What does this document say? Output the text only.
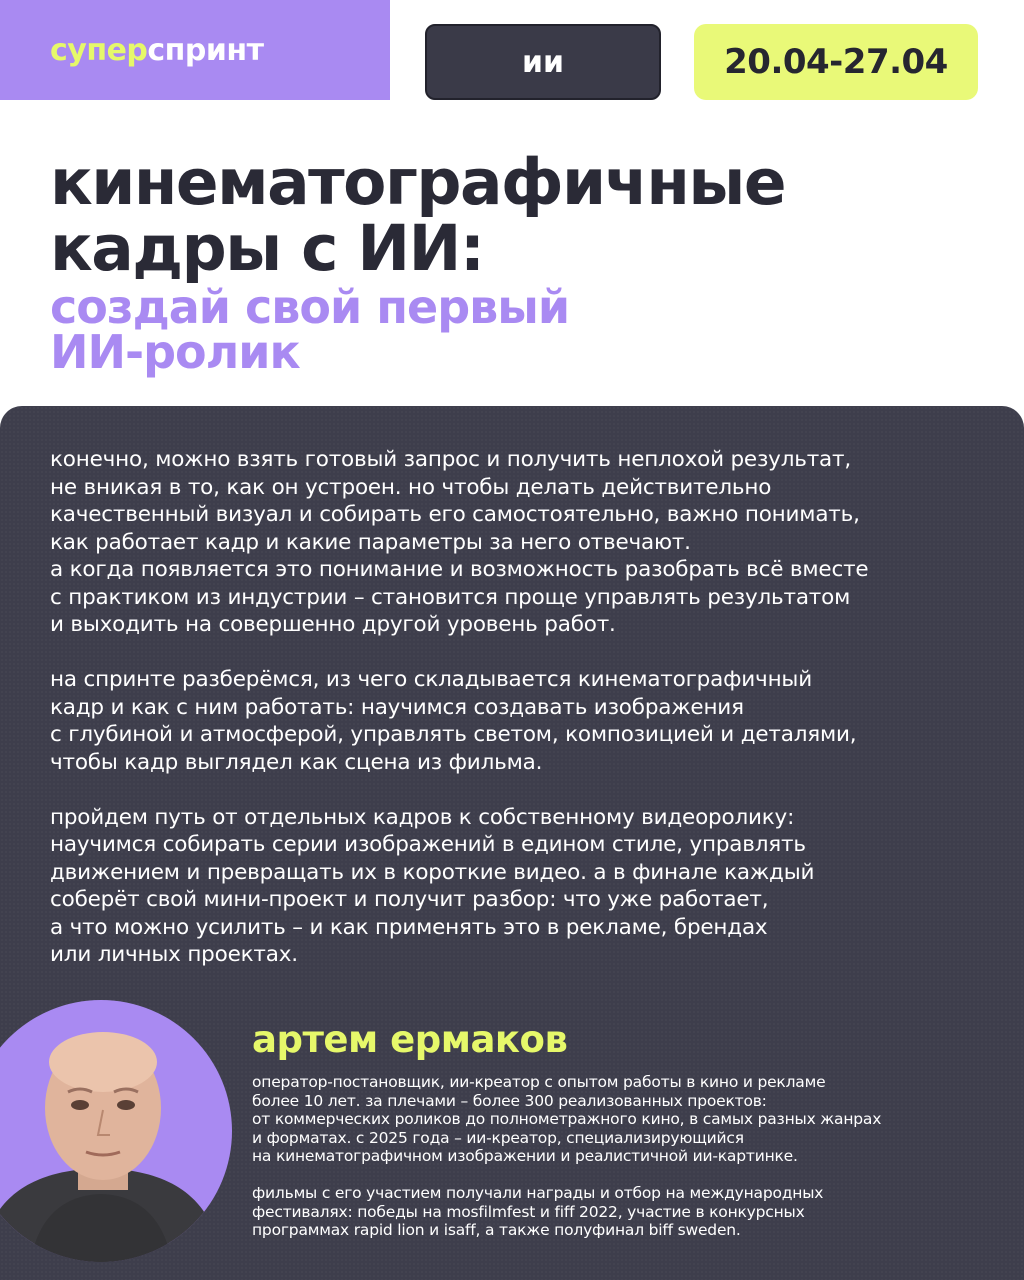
супер спринт	ии	20.04-27.04
кинематографичные
кадры с ИИ:
создай свой первый
ИИ-ролик

конечно, можно взять готовый запрос и получить неплохой результат,
не вникая в то, как он устроен. но чтобы делать действительно
качественный визуал и собирать его самостоятельно, важно понимать,
как работает кадр и какие параметры за него отвечают.
а когда появляется это понимание и возможность разобрать всё вместе
с практиком из индустрии – становится проще управлять результатом
и выходить на совершенно другой уровень работ.

на спринте разберёмся, из чего складывается кинематографичный
кадр и как с ним работать: научимся создавать изображения
с глубиной и атмосферой, управлять светом, композицией и деталями,
чтобы кадр выглядел как сцена из фильма.

пройдем путь от отдельных кадров к собственному видеоролику:
научимся собирать серии изображений в едином стиле, управлять
движением и превращать их в короткие видео. а в финале каждый
соберёт свой мини-проект и получит разбор: что уже работает,
а что можно усилить – и как применять это в рекламе, брендах
или личных проектах.

артем ермаков

оператор-постановщик, ии-креатор с опытом работы в кино и рекламе
более 10 лет. за плечами – более 300 реализованных проектов:
от коммерческих роликов до полнометражного кино, в самых разных жанрах
и форматах. с 2025 года – ии-креатор, специализирующийся
на кинематографичном изображении и реалистичной ии-картинке.

фильмы с его участием получали награды и отбор на международных
фестивалях: победы на mosfilmfest и fiff 2022, участие в конкурсных
программах rapid lion и isaff, а также полуфинал biff sweden.
